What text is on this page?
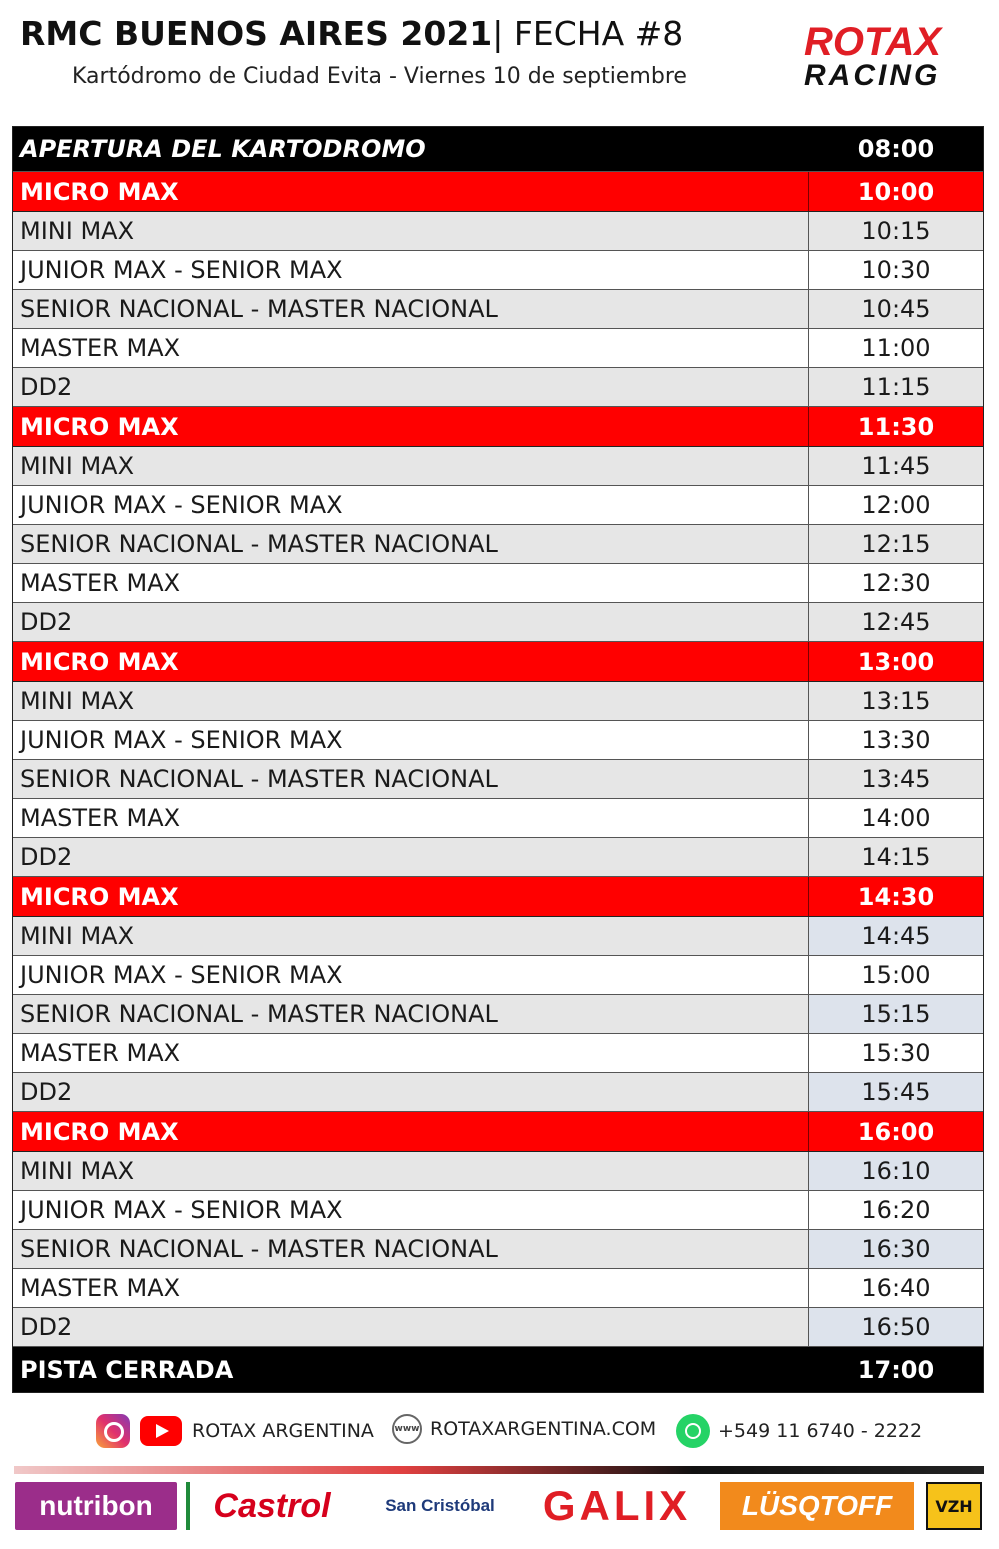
RMC BUENOS AIRES 2021| FECHA #8
Kartódromo de Ciudad Evita - Viernes 10 de septiembre
ROTAX
RACING
APERTURA DEL KARTODROMO	08:00
MICRO MAX	10:00
MINI MAX	10:15
JUNIOR MAX - SENIOR MAX	10:30
SENIOR NACIONAL - MASTER NACIONAL	10:45
MASTER MAX	11:00
DD2	11:15
MICRO MAX	11:30
MINI MAX	11:45
JUNIOR MAX - SENIOR MAX	12:00
SENIOR NACIONAL - MASTER NACIONAL	12:15
MASTER MAX	12:30
DD2	12:45
MICRO MAX	13:00
MINI MAX	13:15
JUNIOR MAX - SENIOR MAX	13:30
SENIOR NACIONAL - MASTER NACIONAL	13:45
MASTER MAX	14:00
DD2	14:15
MICRO MAX	14:30
MINI MAX	14:45
JUNIOR MAX - SENIOR MAX	15:00
SENIOR NACIONAL - MASTER NACIONAL	15:15
MASTER MAX	15:30
DD2	15:45
MICRO MAX	16:00
MINI MAX	16:10
JUNIOR MAX - SENIOR MAX	16:20
SENIOR NACIONAL - MASTER NACIONAL	16:30
MASTER MAX	16:40
DD2	16:50
PISTA CERRADA	17:00
ROTAX ARGENTINA www ROTAXARGENTINA.COM	+549 11 6740 - 2222
nutribon	Castrol	San Cristóbal	GALIX	LÜSQTOFF	VZH
